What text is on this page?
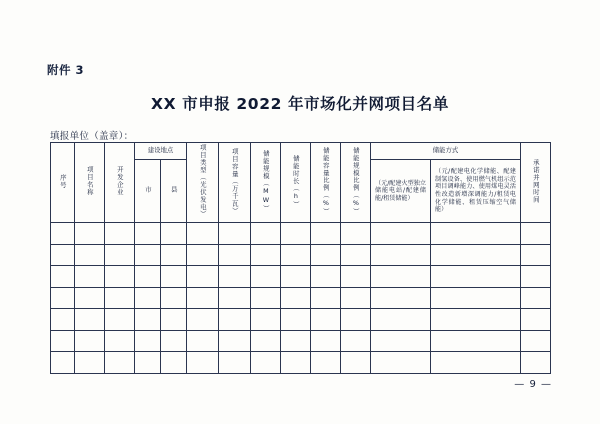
附件 3
XX 市申报 2022 年市场化并网项目名单
填报单位（盖章）：
序号	项目名称	开发企业	建设地点		项目类型（光伏发电）	项目容量（万千瓦）	储能规模（MW）	储能时长（h）	储能容量比例（%）	储能规模比例（%）	储能方式		承诺并网时间
			市	县							（元/配建火型独立储能电站/配建储能/租赁储能）	（元/配建电化学储能、配建制氢设备、使用燃气机组示范项目调峰能力、使用煤电灵活性改造新增深调能力/租赁电化学储能、租赁压缩空气储能）	

— 9 —
